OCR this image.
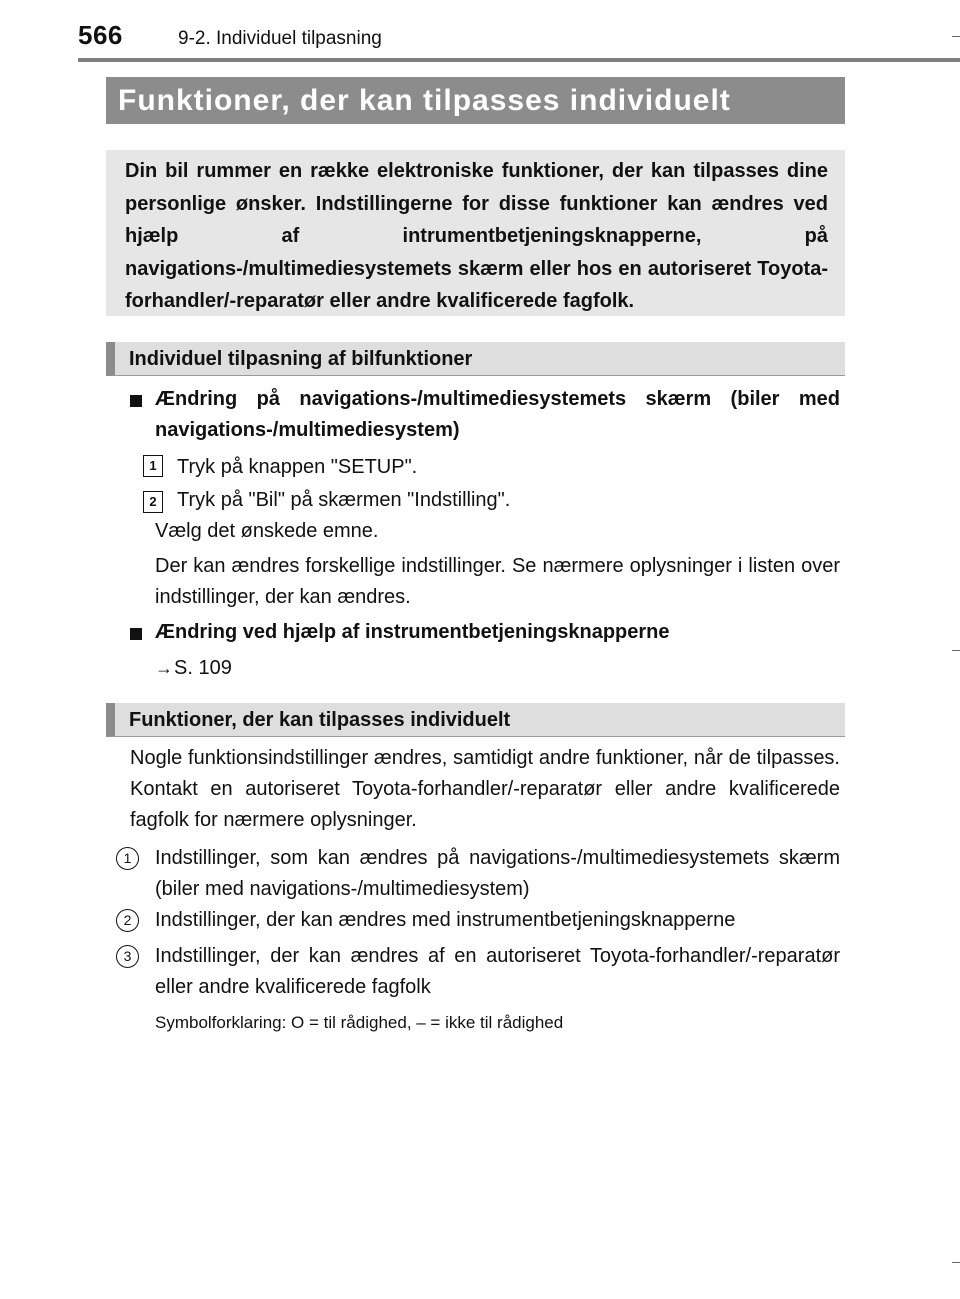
566	9-2. Individuel tilpasning
Funktioner, der kan tilpasses individuelt
Din bil rummer en række elektroniske funktioner, der kan tilpasses dine personlige ønsker. Indstillingerne for disse funktioner kan ændres ved hjælp af intrumentbetjeningsknapperne, på navigations-/multimediesystemets skærm eller hos en autoriseret Toyota-forhandler/-reparatør eller andre kvalificerede fagfolk.
Individuel tilpasning af bilfunktioner
Ændring på navigations-/multimediesystemets skærm (biler med navigations-/multimediesystem)
1	Tryk på knappen "SETUP".
2	Tryk på "Bil" på skærmen "Indstilling".
Vælg det ønskede emne.
Der kan ændres forskellige indstillinger. Se nærmere oplysninger i listen over indstillinger, der kan ændres.
Ændring ved hjælp af instrumentbetjeningsknapperne
→S. 109
Funktioner, der kan tilpasses individuelt
Nogle funktionsindstillinger ændres, samtidigt andre funktioner, når de tilpasses. Kontakt en autoriseret Toyota-forhandler/-reparatør eller andre kvalificerede fagfolk for nærmere oplysninger.
1	Indstillinger, som kan ændres på navigations-/multimediesystemets skærm (biler med navigations-/multimediesystem)
2	Indstillinger, der kan ændres med instrumentbetjeningsknapperne
3	Indstillinger, der kan ændres af en autoriseret Toyota-forhandler/-reparatør eller andre kvalificerede fagfolk
Symbolforklaring: O = til rådighed, – = ikke til rådighed
